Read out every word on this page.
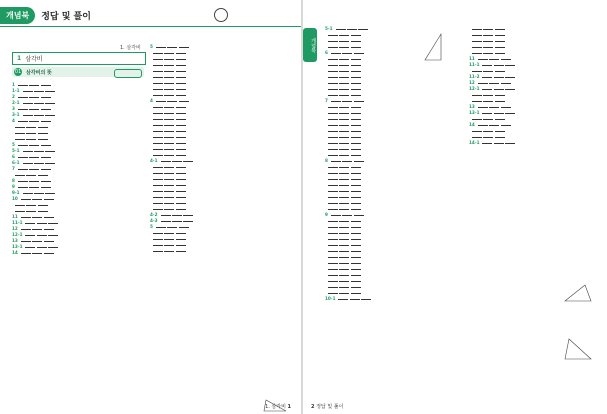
개념북	정답 및 풀이
1. 삼각비
1 삼각비
01 삼각비의 뜻
1
1-1
2
2-1
3
3-1
4

5
5-1
6
6-1
7

8
9
9-1
10

11
11-1
12
12-1
13
13-1
14
5

4

4-1

4-2
4-3
5

1. 삼각비 1
개념북
5-1

6

7

8

9

10-1

11
11-1

11-2
12
12-1

13
13-1

14

14-1
2 정답 및 풀이
